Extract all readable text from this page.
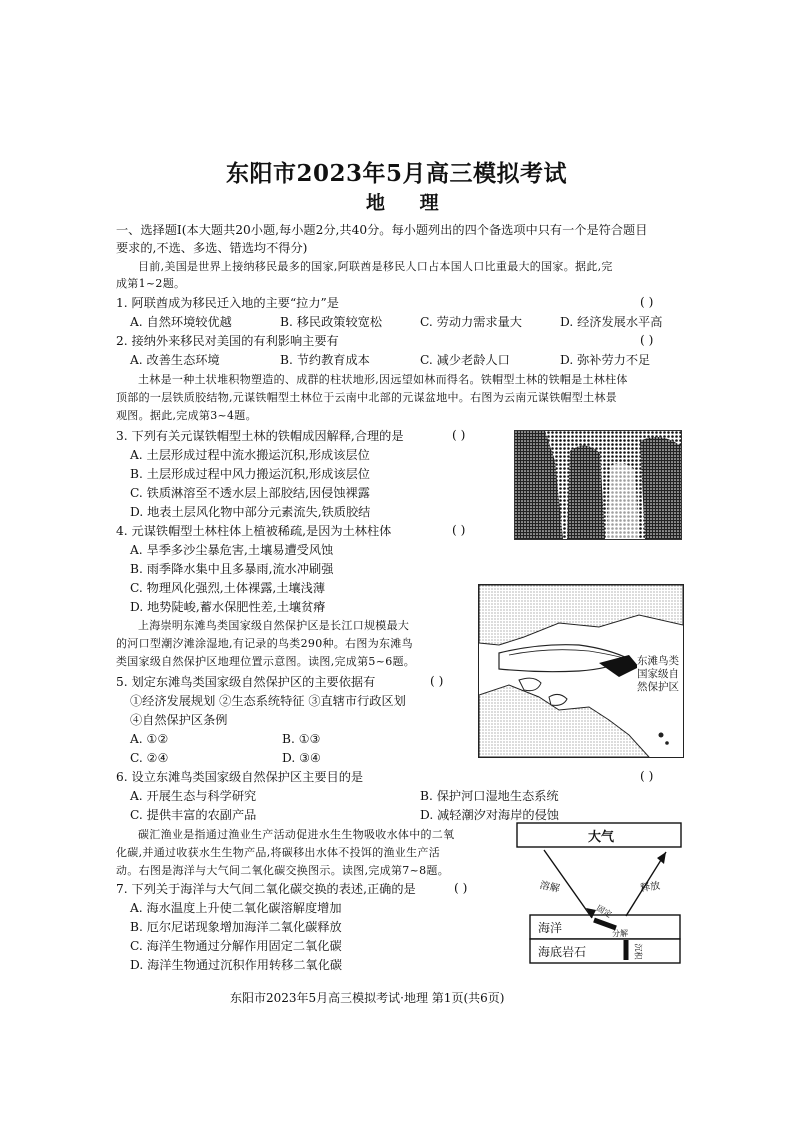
东阳市2023年5月高三模拟考试
地 理
一、选择题Ⅰ(本大题共20小题,每小题2分,共40分。每小题列出的四个备选项中只有一个是符合题目
要求的,不选、多选、错选均不得分)
目前,美国是世界上接纳移民最多的国家,阿联酋是移民人口占本国人口比重最大的国家。据此,完
成第1~2题。
1. 阿联酋成为移民迁入地的主要“拉力”是	( )
A. 自然环境较优越	B. 移民政策较宽松	C. 劳动力需求量大	D. 经济发展水平高
2. 接纳外来移民对美国的有利影响主要有	( )
A. 改善生态环境	B. 节约教育成本	C. 减少老龄人口	D. 弥补劳力不足
土林是一种土状堆积物塑造的、成群的柱状地形,因远望如林而得名。铁帽型土林的铁帽是土林柱体
顶部的一层铁质胶结物,元谋铁帽型土林位于云南中北部的元谋盆地中。右图为云南元谋铁帽型土林景
观图。据此,完成第3~4题。
3. 下列有关元谋铁帽型土林的铁帽成因解释,合理的是	( )
A. 土层形成过程中流水搬运沉积,形成该层位
B. 土层形成过程中风力搬运沉积,形成该层位
C. 铁质淋溶至不透水层上部胶结,因侵蚀裸露
D. 地表土层风化物中部分元素流失,铁质胶结
4. 元谋铁帽型土林柱体上植被稀疏,是因为土林柱体	( )
A. 旱季多沙尘暴危害,土壤易遭受风蚀
B. 雨季降水集中且多暴雨,流水冲刷强
C. 物理风化强烈,土体裸露,土壤浅薄
D. 地势陡峻,蓄水保肥性差,土壤贫瘠
上海崇明东滩鸟类国家级自然保护区是长江口规模最大
的河口型潮汐滩涂湿地,有记录的鸟类290种。右图为东滩鸟
类国家级自然保护区地理位置示意图。读图,完成第5~6题。	东滩鸟类
国家级自
然保护区
5. 划定东滩鸟类国家级自然保护区的主要依据有	( )
①经济发展规划 ②生态系统特征 ③直辖市行政区划
④自然保护区条例
A. ①②	B. ①③
C. ②④	D. ③④
6. 设立东滩鸟类国家级自然保护区主要目的是	( )
A. 开展生态与科学研究	B. 保护河口湿地生态系统
C. 提供丰富的农副产品	D. 减轻潮汐对海岸的侵蚀
碳汇渔业是指通过渔业生产活动促进水生生物吸收水体中的二氧
化碳,并通过收获水生生物产品,将碳移出水体不投饵的渔业生产活
动。右图是海洋与大气间二氧化碳交换图示。读图,完成第7~8题。
7. 下列关于海洋与大气间二氧化碳交换的表述,正确的是	( )
A. 海水温度上升使二氧化碳溶解度增加
B. 厄尔尼诺现象增加海洋二氧化碳释放
C. 海洋生物通过分解作用固定二氧化碳
D. 海洋生物通过沉积作用转移二氧化碳
大气
海洋
海底岩石
溶解	释放
固定
分解
沉积
东阳市2023年5月高三模拟考试·地理 第1页(共6页)
